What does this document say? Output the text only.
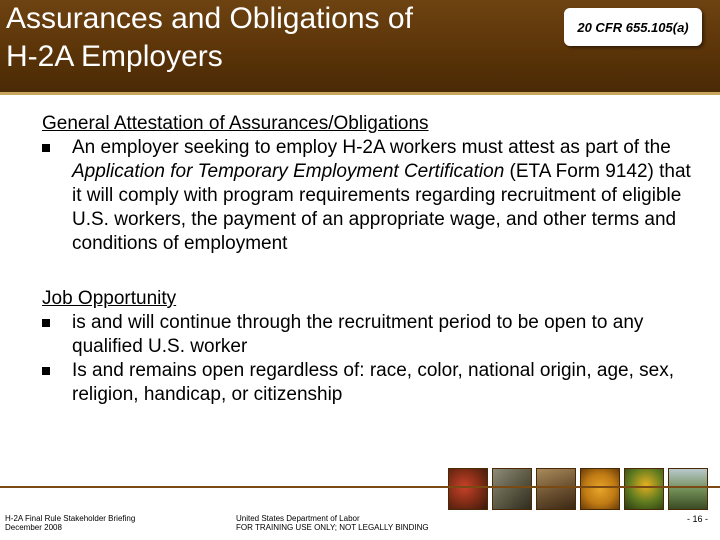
Assurances and Obligations of
H-2A Employers
20 CFR 655.105(a)

General Attestation of Assurances/Obligations

An employer seeking to employ H-2A workers must attest as part of the Application for Temporary Employment Certification (ETA Form 9142) that it will comply with program requirements regarding recruitment of eligible U.S. workers, the payment of an appropriate wage, and other terms and conditions of employment

Job Opportunity

is and will continue through the recruitment period to be open to any qualified U.S. worker

Is and remains open regardless of: race, color, national origin, age, sex, religion, handicap, or citizenship

H-2A Final Rule Stakeholder Briefing
December 2008
United States Department of Labor
FOR TRAINING USE ONLY; NOT LEGALLY BINDING
- 16 -
